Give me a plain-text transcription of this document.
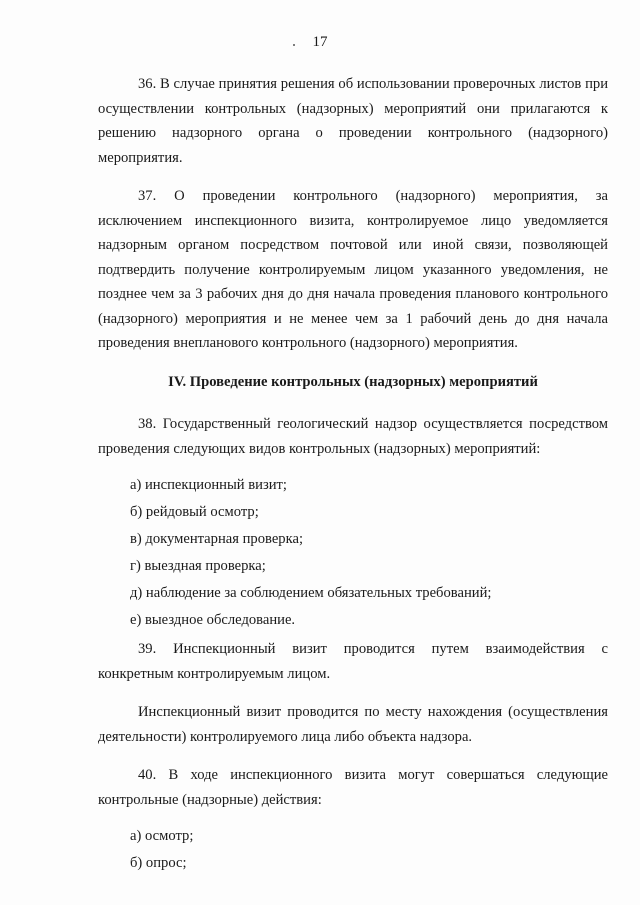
17

36. В случае принятия решения об использовании проверочных листов при осуществлении контрольных (надзорных) мероприятий они прилагаются к решению надзорного органа о проведении контрольного (надзорного) мероприятия.

37. О проведении контрольного (надзорного) мероприятия, за исключением инспекционного визита, контролируемое лицо уведомляется надзорным органом посредством почтовой или иной связи, позволяющей подтвердить получение контролируемым лицом указанного уведомления, не позднее чем за 3 рабочих дня до дня начала проведения планового контрольного (надзорного) мероприятия и не менее чем за 1 рабочий день до дня начала проведения внепланового контрольного (надзорного) мероприятия.

IV. Проведение контрольных (надзорных) мероприятий

38. Государственный геологический надзор осуществляется посредством проведения следующих видов контрольных (надзорных) мероприятий:

а) инспекционный визит;
б) рейдовый осмотр;
в) документарная проверка;
г) выездная проверка;
д) наблюдение за соблюдением обязательных требований;
е) выездное обследование.

39. Инспекционный визит проводится путем взаимодействия с конкретным контролируемым лицом.

Инспекционный визит проводится по месту нахождения (осуществления деятельности) контролируемого лица либо объекта надзора.

40. В ходе инспекционного визита могут совершаться следующие контрольные (надзорные) действия:

а) осмотр;
б) опрос;
